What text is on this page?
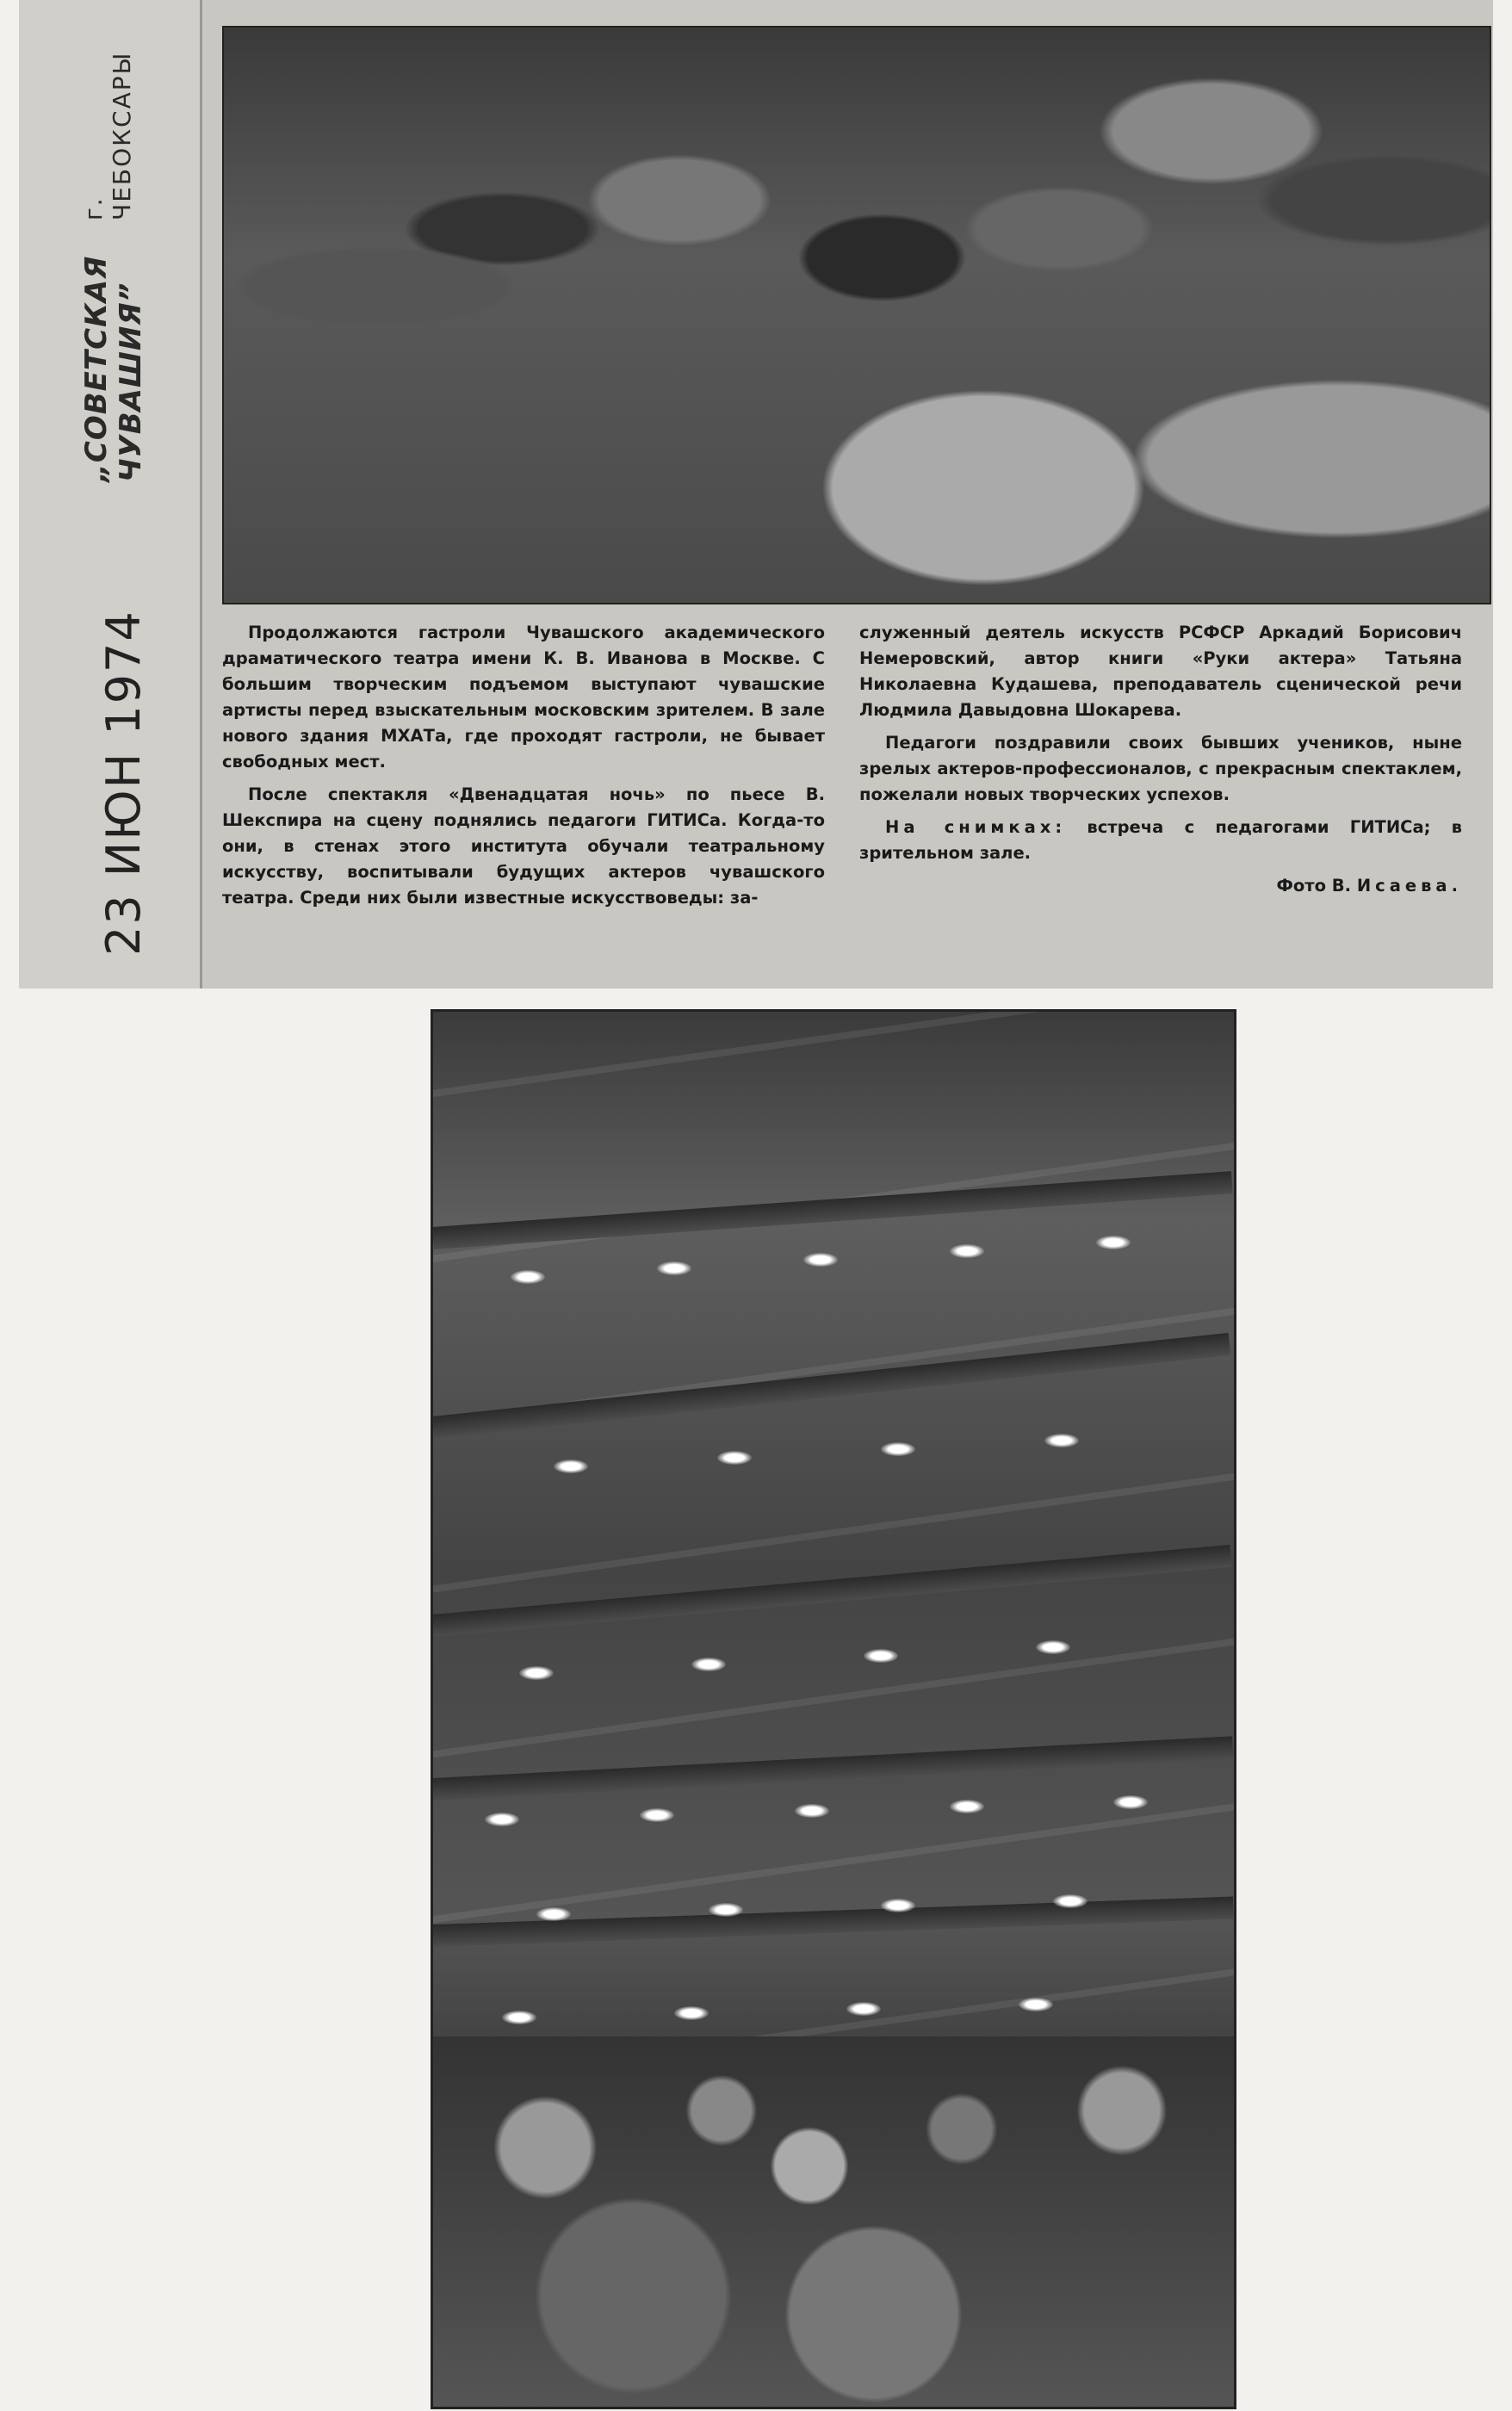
„СОВЕТСКАЯ ЧУВАШИЯ”
г. ЧЕБОКСАРЫ
23 ИЮН 1974	Продолжаются гастроли Чувашского академического драматического театра имени К. В. Иванова в Москве. С большим творческим подъемом выступают чувашские артисты перед взыскательным московским зрителем. В зале нового здания МХАТа, где проходят гастроли, не бывает свободных мест.

После спектакля «Двенадцатая ночь» по пьесе В. Шекспира на сцену поднялись педагоги ГИТИСа. Когда-то они, в стенах этого института обучали театральному искусству, воспитывали будущих актеров чувашского театра. Среди них были известные искусствоведы: за-

служенный деятель искусств РСФСР Аркадий Борисович Немеровский, автор книги «Руки актера» Татьяна Николаевна Кудашева, преподаватель сценической речи Людмила Давыдовна Шокарева.

Педагоги поздравили своих бывших учеников, ныне зрелых актеров-профессионалов, с прекрасным спектаклем, пожелали новых творческих успехов.

На снимках: встреча с педагогами ГИТИСа; в зрительном зале.

Фото В. Исаева.
